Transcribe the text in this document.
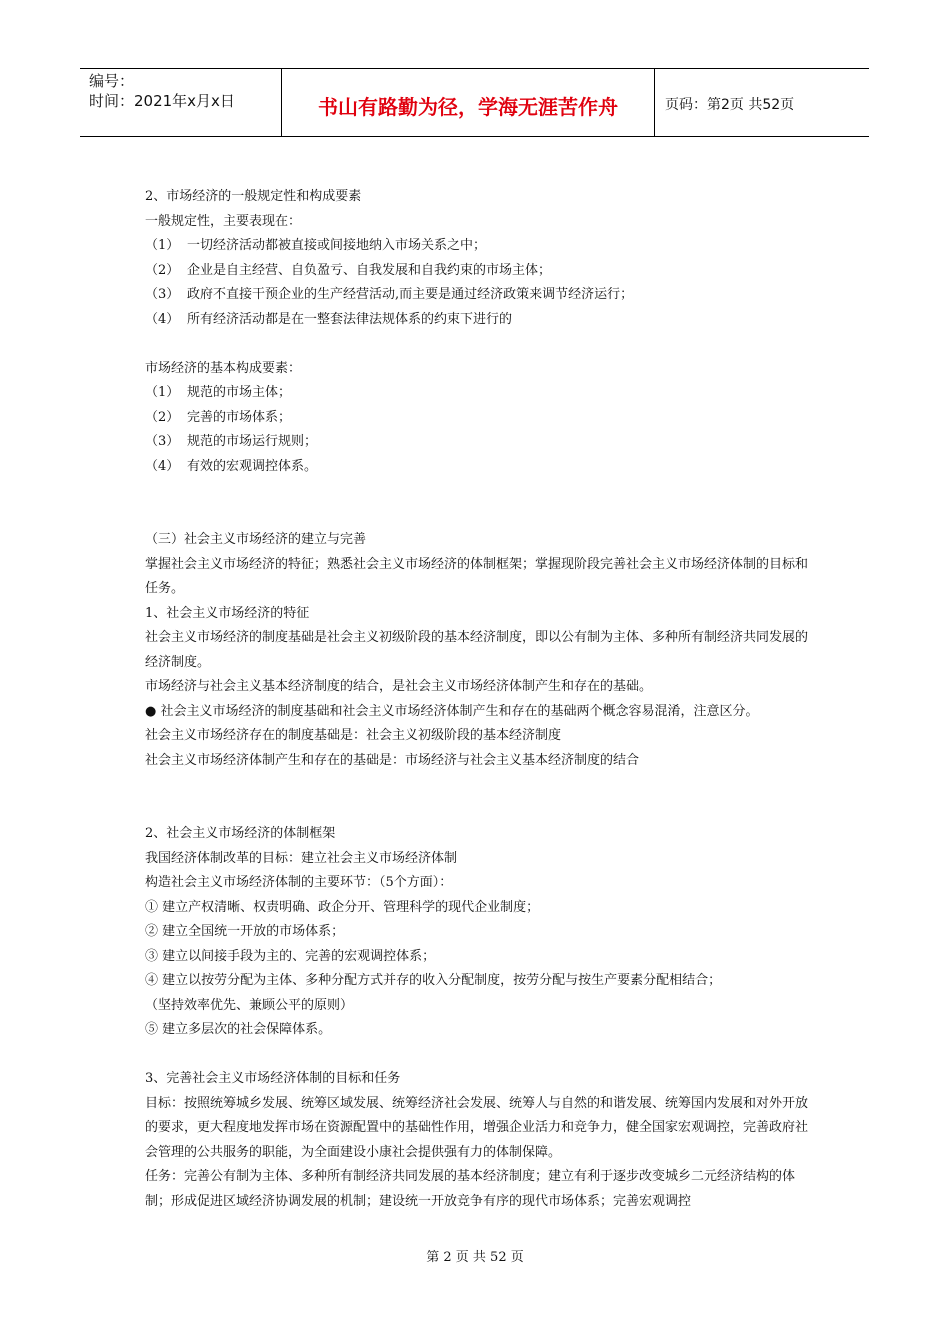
编号：
时间：2021年x月x日	书山有路勤为径，学海无涯苦作舟	页码：第2页 共52页
2、市场经济的一般规定性和构成要素
一般规定性，主要表现在：
（1） 一切经济活动都被直接或间接地纳入市场关系之中；
（2） 企业是自主经营、自负盈亏、自我发展和自我约束的市场主体；
（3） 政府不直接干预企业的生产经营活动,而主要是通过经济政策来调节经济运行；
（4） 所有经济活动都是在一整套法律法规体系的约束下进行的
市场经济的基本构成要素：
（1） 规范的市场主体；
（2） 完善的市场体系；
（3） 规范的市场运行规则；
（4） 有效的宏观调控体系。
（三）社会主义市场经济的建立与完善
掌握社会主义市场经济的特征；熟悉社会主义市场经济的体制框架；掌握现阶段完善社会主义市场经济体制的目标和任务。
1、社会主义市场经济的特征
社会主义市场经济的制度基础是社会主义初级阶段的基本经济制度，即以公有制为主体、多种所有制经济共同发展的经济制度。
市场经济与社会主义基本经济制度的结合，是社会主义市场经济体制产生和存在的基础。
● 社会主义市场经济的制度基础和社会主义市场经济体制产生和存在的基础两个概念容易混淆，注意区分。
社会主义市场经济存在的制度基础是：社会主义初级阶段的基本经济制度
社会主义市场经济体制产生和存在的基础是：市场经济与社会主义基本经济制度的结合
2、社会主义市场经济的体制框架
我国经济体制改革的目标：建立社会主义市场经济体制
构造社会主义市场经济体制的主要环节：（5个方面）：
① 建立产权清晰、权责明确、政企分开、管理科学的现代企业制度；
② 建立全国统一开放的市场体系；
③ 建立以间接手段为主的、完善的宏观调控体系；
④ 建立以按劳分配为主体、多种分配方式并存的收入分配制度，按劳分配与按生产要素分配相结合；
（坚持效率优先、兼顾公平的原则）
⑤ 建立多层次的社会保障体系。
3、完善社会主义市场经济体制的目标和任务
目标：按照统筹城乡发展、统筹区域发展、统筹经济社会发展、统筹人与自然的和谐发展、统筹国内发展和对外开放的要求，更大程度地发挥市场在资源配置中的基础性作用，增强企业活力和竞争力，健全国家宏观调控，完善政府社会管理的公共服务的职能，为全面建设小康社会提供强有力的体制保障。
任务：完善公有制为主体、多种所有制经济共同发展的基本经济制度；建立有利于逐步改变城乡二元经济结构的体制；形成促进区域经济协调发展的机制；建设统一开放竞争有序的现代市场体系；完善宏观调控
第 2 页 共 52 页
